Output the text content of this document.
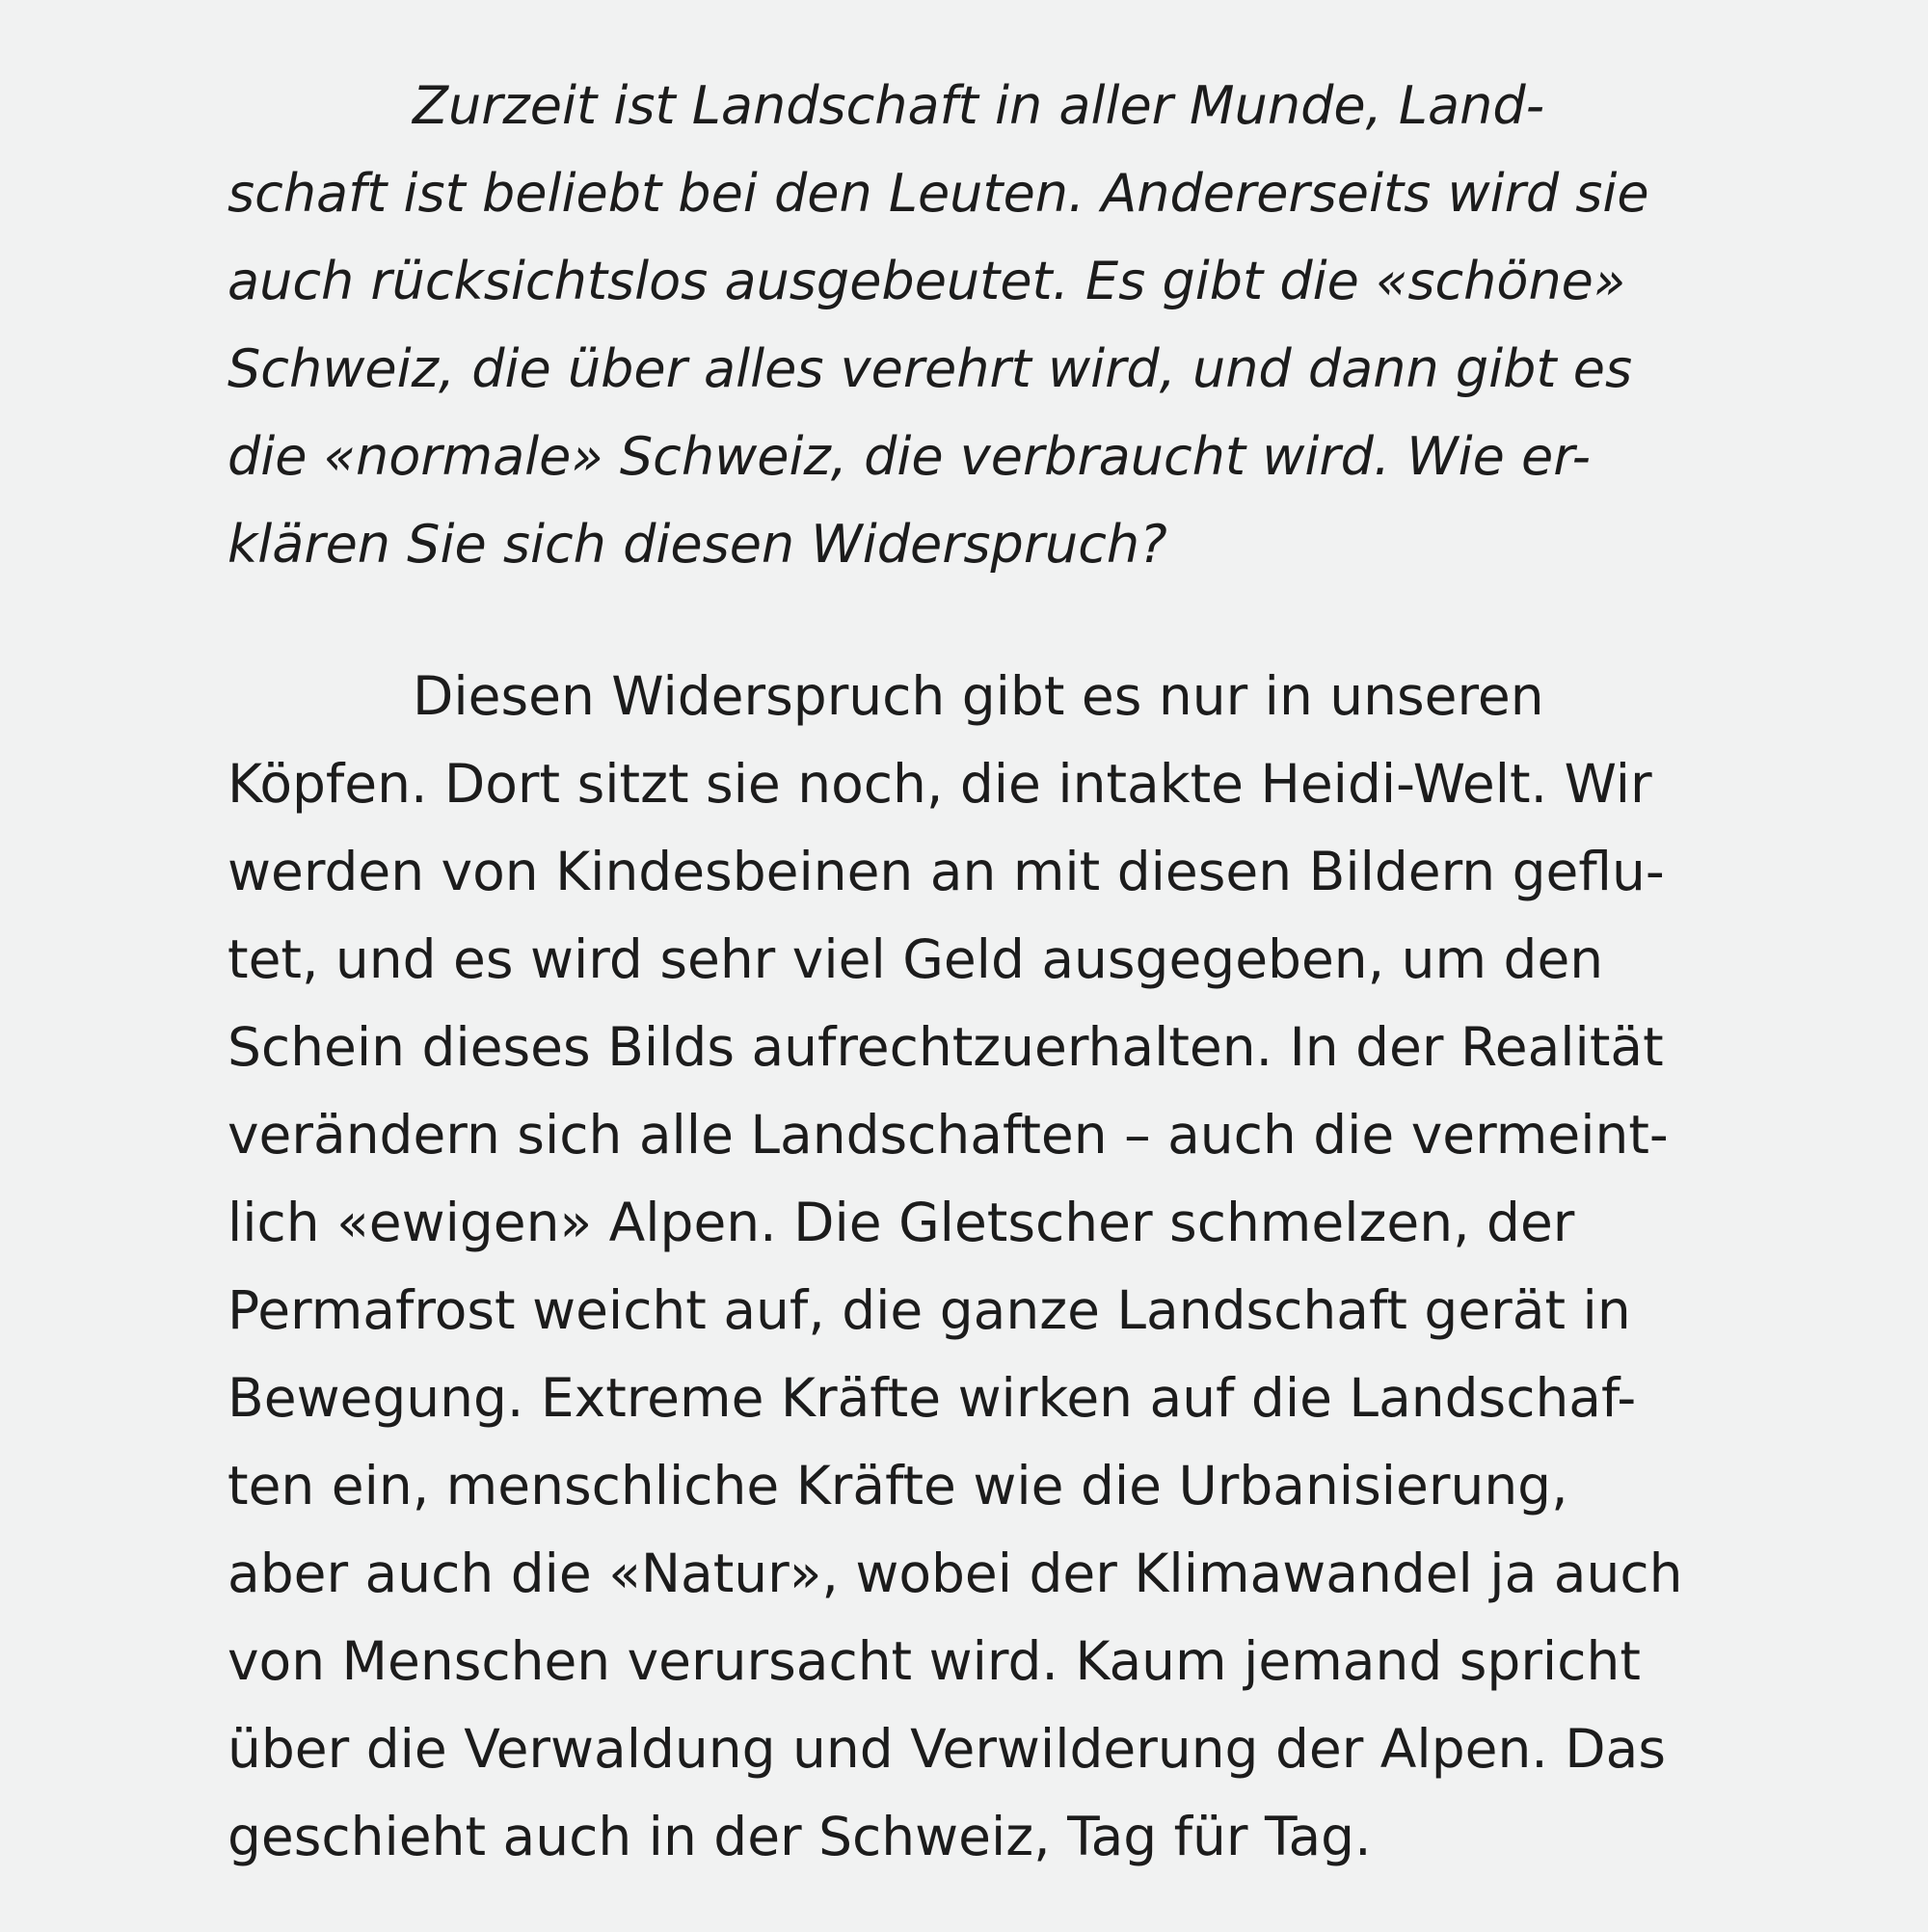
Zurzeit ist Landschaft in aller Munde, Land-
schaft ist beliebt bei den Leuten. Andererseits wird sie
auch rücksichtslos ausgebeutet. Es gibt die «schöne»
Schweiz, die über alles verehrt wird, und dann gibt es
die «normale» Schweiz, die verbraucht wird. Wie er-
klären Sie sich diesen Widerspruch?
Diesen Widerspruch gibt es nur in unseren
Köpfen. Dort sitzt sie noch, die intakte Heidi-Welt. Wir
werden von Kindesbeinen an mit diesen Bildern geflu-
tet, und es wird sehr viel Geld ausgegeben, um den
Schein dieses Bilds aufrechtzuerhalten. In der Realität
verändern sich alle Landschaften – auch die vermeint-
lich «ewigen» Alpen. Die Gletscher schmelzen, der
Permafrost weicht auf, die ganze Landschaft gerät in
Bewegung. Extreme Kräfte wirken auf die Landschaf-
ten ein, menschliche Kräfte wie die Urbanisierung,
aber auch die «Natur», wobei der Klimawandel ja auch
von Menschen verursacht wird. Kaum jemand spricht
über die Verwaldung und Verwilderung der Alpen. Das
geschieht auch in der Schweiz, Tag für Tag.
